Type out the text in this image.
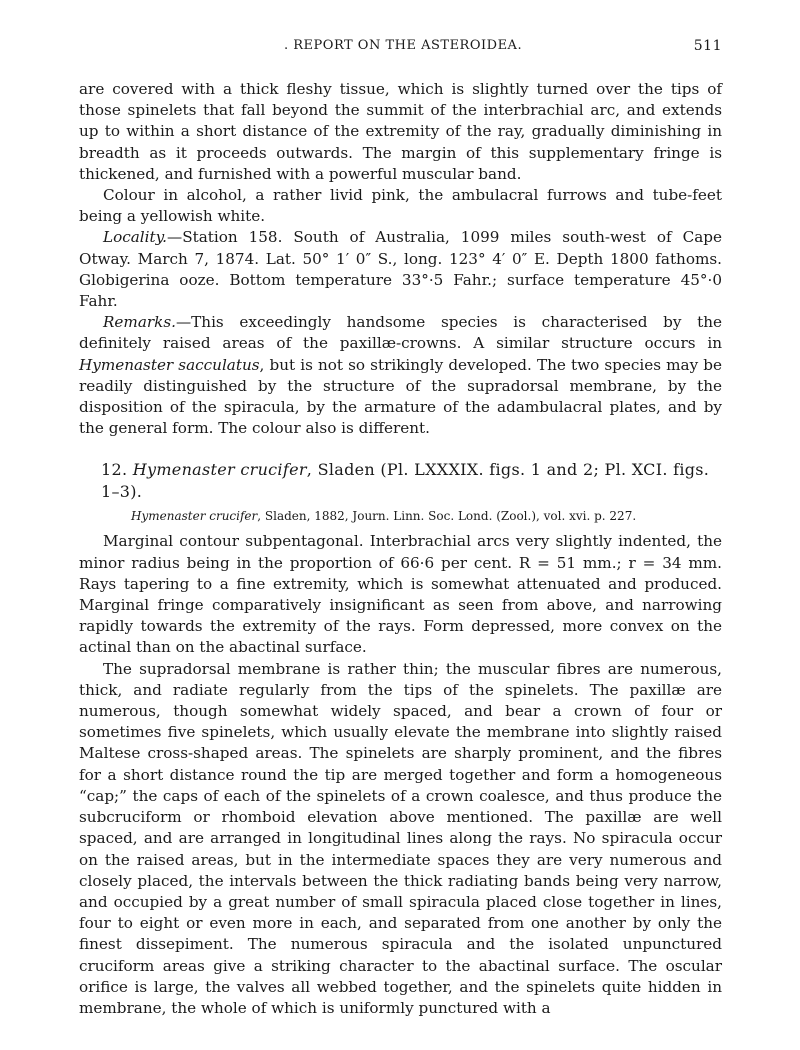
. REPORT ON THE ASTEROIDEA.	511

are covered with a thick fleshy tissue, which is slightly turned over the tips of those spinelets that fall beyond the summit of the interbrachial arc, and extends up to within a short distance of the extremity of the ray, gradually diminishing in breadth as it proceeds outwards. The margin of this supplementary fringe is thickened, and furnished with a powerful muscular band.

Colour in alcohol, a rather livid pink, the ambulacral furrows and tube-feet being a yellowish white.

Locality.—Station 158. South of Australia, 1099 miles south-west of Cape Otway. March 7, 1874. Lat. 50° 1′ 0″ S., long. 123° 4′ 0″ E. Depth 1800 fathoms. Globigerina ooze. Bottom temperature 33°·5 Fahr.; surface temperature 45°·0 Fahr.

Remarks.—This exceedingly handsome species is characterised by the definitely raised areas of the paxillæ-crowns. A similar structure occurs in Hymenaster sacculatus, but is not so strikingly developed. The two species may be readily distinguished by the structure of the supradorsal membrane, by the disposition of the spiracula, by the armature of the adambulacral plates, and by the general form. The colour also is different.

12. Hymenaster crucifer, Sladen (Pl. LXXXIX. figs. 1 and 2; Pl. XCI. figs. 1–3).
Hymenaster crucifer, Sladen, 1882, Journ. Linn. Soc. Lond. (Zool.), vol. xvi. p. 227.

Marginal contour subpentagonal. Interbrachial arcs very slightly indented, the minor radius being in the proportion of 66·6 per cent. R = 51 mm.; r = 34 mm. Rays tapering to a fine extremity, which is somewhat attenuated and produced. Marginal fringe comparatively insignificant as seen from above, and narrowing rapidly towards the extremity of the rays. Form depressed, more convex on the actinal than on the abactinal surface.

The supradorsal membrane is rather thin; the muscular fibres are numerous, thick, and radiate regularly from the tips of the spinelets. The paxillæ are numerous, though somewhat widely spaced, and bear a crown of four or sometimes five spinelets, which usually elevate the membrane into slightly raised Maltese cross-shaped areas. The spinelets are sharply prominent, and the fibres for a short distance round the tip are merged together and form a homogeneous “cap;” the caps of each of the spinelets of a crown coalesce, and thus produce the subcruciform or rhomboid elevation above mentioned. The paxillæ are well spaced, and are arranged in longitudinal lines along the rays. No spiracula occur on the raised areas, but in the intermediate spaces they are very numerous and closely placed, the intervals between the thick radiating bands being very narrow, and occupied by a great number of small spiracula placed close together in lines, four to eight or even more in each, and separated from one another by only the finest dissepiment. The numerous spiracula and the isolated unpunctured cruciform areas give a striking character to the abactinal surface. The oscular orifice is large, the valves all webbed together, and the spinelets quite hidden in membrane, the whole of which is uniformly punctured with a
